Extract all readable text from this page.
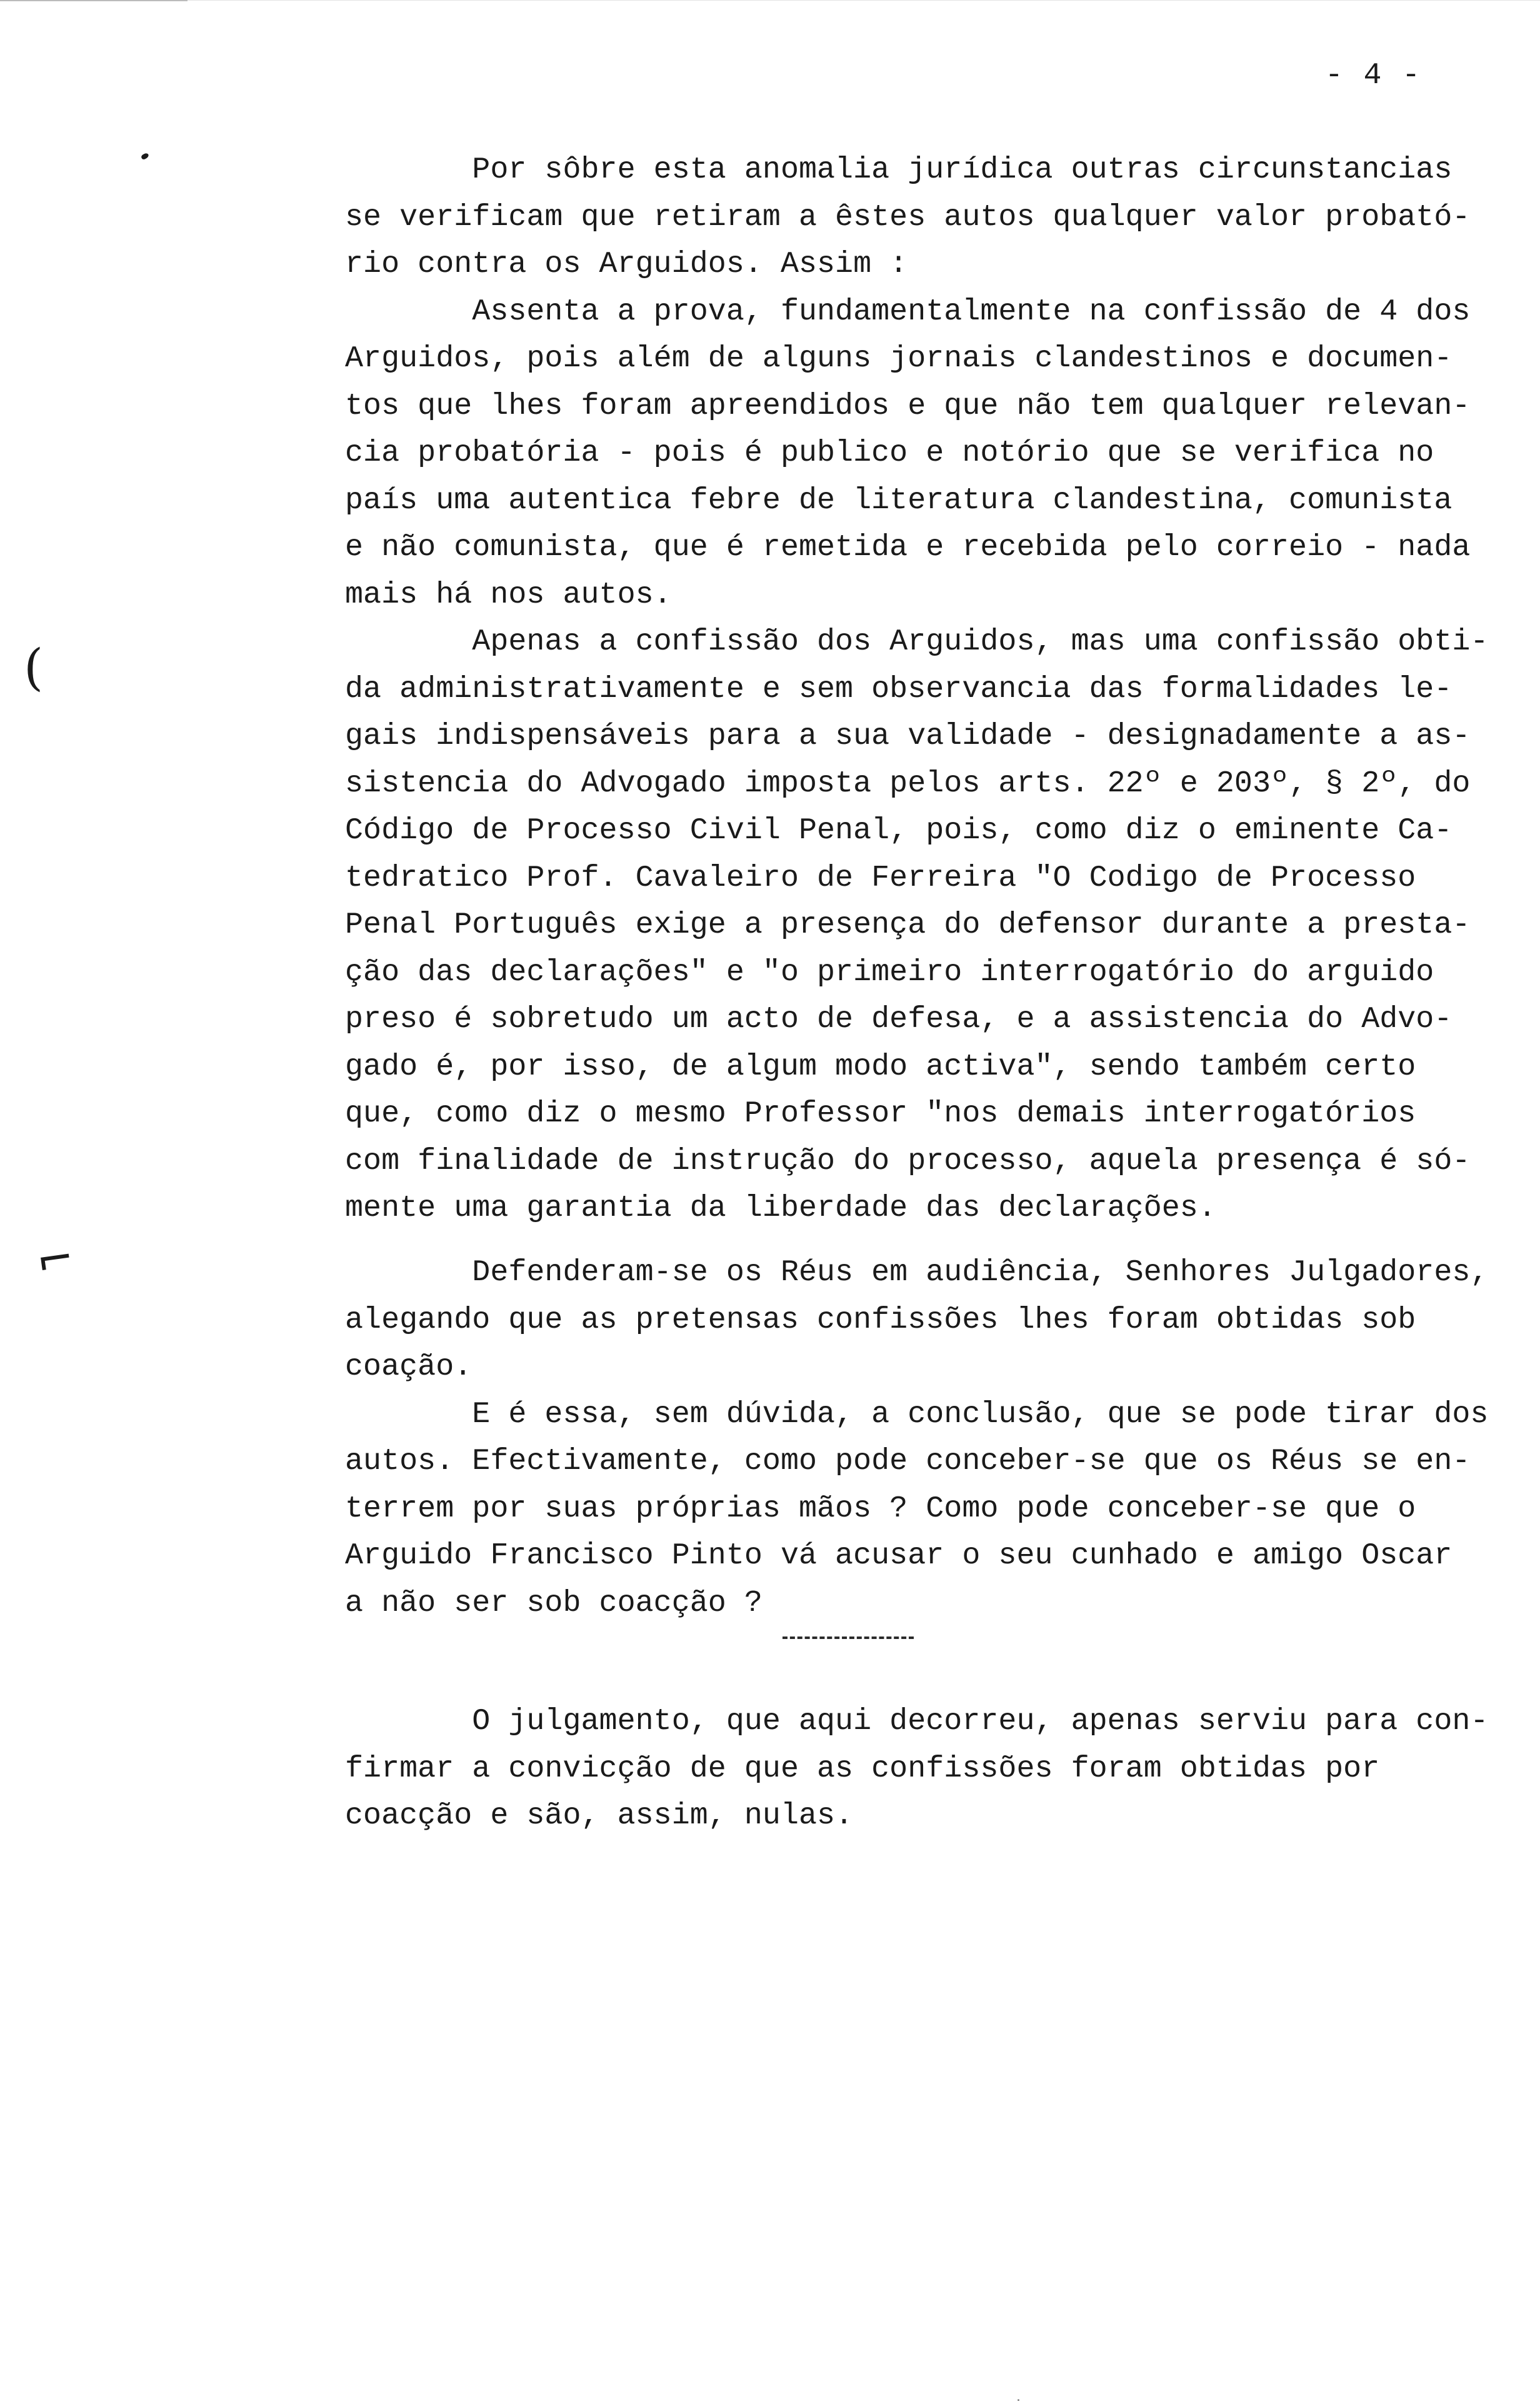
- 4 -
(
⌐
Por sôbre esta anomalia jurídica outras circunstancias
se verificam que retiram a êstes autos qualquer valor probató-
rio contra os Arguidos. Assim :
Assenta a prova, fundamentalmente na confissão de 4 dos
Arguidos, pois além de alguns jornais clandestinos e documen-
tos que lhes foram apreendidos e que não tem qualquer relevan-
cia probatória - pois é publico e notório que se verifica no
país uma autentica febre de literatura clandestina, comunista
e não comunista, que é remetida e recebida pelo correio - nada
mais há nos autos.
Apenas a confissão dos Arguidos, mas uma confissão obti-
da administrativamente e sem observancia das formalidades le-
gais indispensáveis para a sua validade - designadamente a as-
sistencia do Advogado imposta pelos arts. 22º e 203º, § 2º, do
Código de Processo Civil Penal, pois, como diz o eminente Ca-
tedratico Prof. Cavaleiro de Ferreira "O Codigo de Processo
Penal Português exige a presença do defensor durante a presta-
ção das declarações" e "o primeiro interrogatório do arguido
preso é sobretudo um acto de defesa, e a assistencia do Advo-
gado é, por isso, de algum modo activa", sendo também certo
que, como diz o mesmo Professor "nos demais interrogatórios
com finalidade de instrução do processo, aquela presença é só-
mente uma garantia da liberdade das declarações.
Defenderam-se os Réus em audiência, Senhores Julgadores,
alegando que as pretensas confissões lhes foram obtidas sob
coação.
E é essa, sem dúvida, a conclusão, que se pode tirar dos
autos. Efectivamente, como pode conceber-se que os Réus se en-
terrem por suas próprias mãos ? Como pode conceber-se que o
Arguido Francisco Pinto vá acusar o seu cunhado e amigo Oscar
a não ser sob coacção ?
O julgamento, que aqui decorreu, apenas serviu para con-
firmar a convicção de que as confissões foram obtidas por
coacção e são, assim, nulas.
